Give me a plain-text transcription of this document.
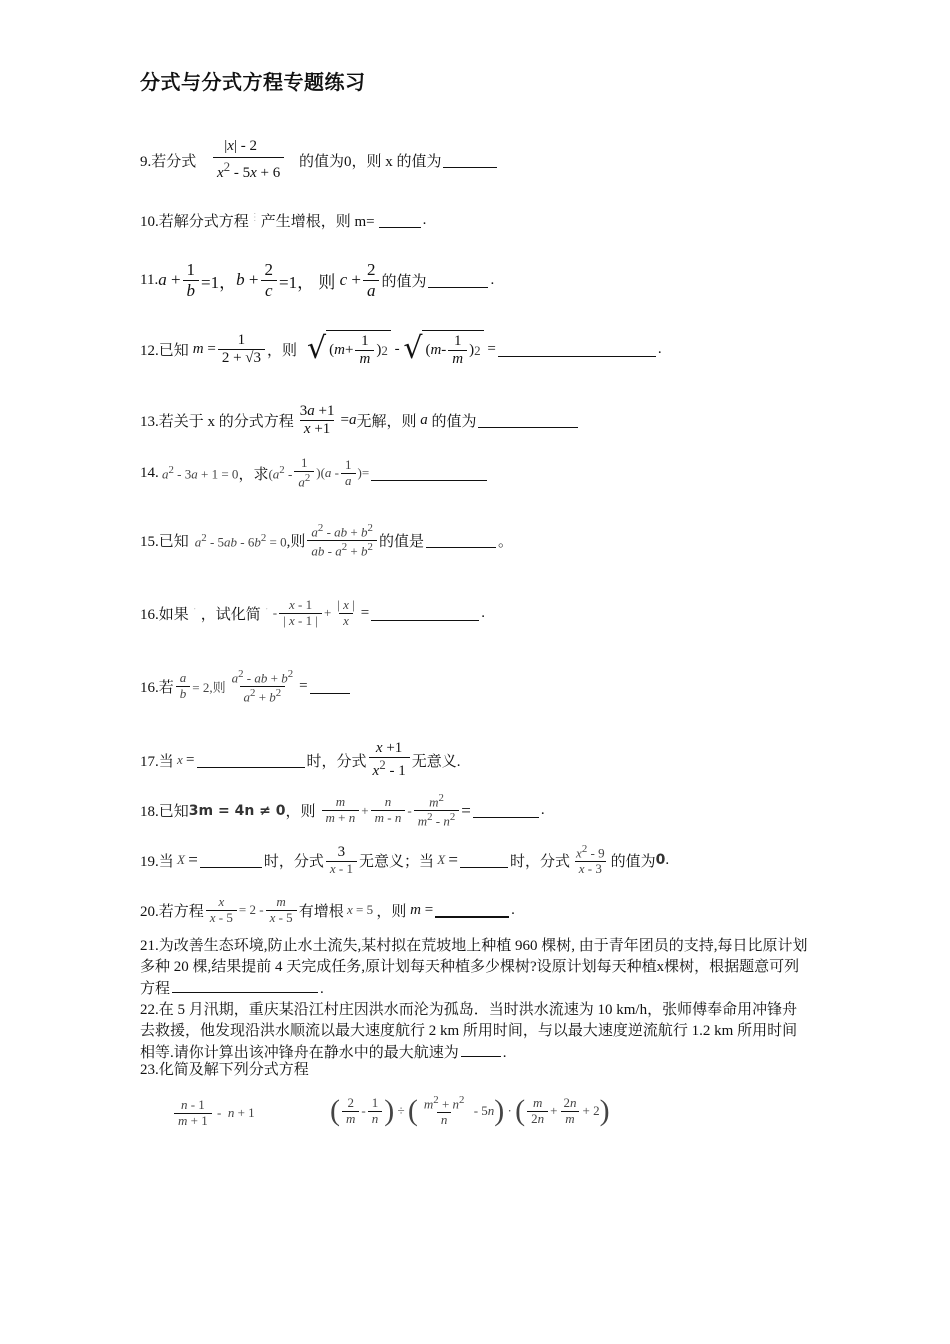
分式与分式方程专题练习
9.若分式 $\frac{|x| - 2}{x^2 - 5x + 6}$ 的值为0，则 x 的值为
10.若解分式方程 ⋮ 产生增根，则 m=	.
11. $a + \frac{1}{b} =1$， $b + \frac{2}{c} =1$， 则 $c + \frac{2}{a}$ 的值为	.
12.已知 $m = \frac{1}{2 + √3}$ ，则 √ ( $m + \frac{1}{m}$ ) 2 - √ ( m - $\frac{1}{m}$ ) 2 =	.
13.若关于 x 的分式方程 $\frac{3a +1}{x +1} =a$ 无解，则 a 的值为
14. $a^2 - 3a + 1 = 0$ ，求 $(a^2 - \frac{1}{a^2} )(a - \frac{1}{a}$ )=
15.已知 $a^2 - 5ab - 6b^2 = 0$ ,则 $\frac{a^2 - ab + b^2}{ab - a^2 + b^2}$ 的值是	。
16.如果 ∙ ，试化简 ∙ - $\frac{x - 1}{| x - 1 |} + \frac{| x |}{x}$ =	.
16.若 $\frac{a}{b} = 2$,则 $\frac{a^2 - ab + b^2}{a^2 + b^2}$ =
17.当 x =	时，分式 $\frac{x +1}{x^2 - 1}$ 无意义.
18.已知 3m = 4n ≠ 0 ，则 $\frac{m}{m + n} + \frac{n}{m - n} - \frac{m^2}{m^2 - n^2}$ =	.
19.当 X =	时，分式 $\frac{3}{x - 1}$ 无意义；当 X =	时，分式 $\frac{x^2 - 9}{x - 3}$ 的值为 0 .
20.若方程 $\frac{x}{x - 5} = 2 - \frac{m}{x - 5}$ 有增根 x = 5 ，则 m =	.
21.为改善生态环境,防止水土流失,某村拟在荒坡地上种植 960 棵树, 由于青年团员的支持,每日比原计划多种 20 棵,结果提前 4 天完成任务,原计划每天种植多少棵树?设原计划每天种植x棵树，根据题意可列方程	.
22.在 5 月汛期，重庆某沿江村庄因洪水而沦为孤岛．当时洪水流速为 10 km/h，张师傅奉命用冲锋舟去救援，他发现沿洪水顺流以最大速度航行 2 km 所用时间，与以最大速度逆流航行 1.2 km 所用时间相等.请你计算出该冲锋舟在静水中的最大航速为	.
23.化简及解下列分式方程
$\frac{n - 1}{m + 1} - n + 1$	( $\frac{2}{m} - \frac{1}{n}$ ) ÷ ( $\frac{m^2 + n^2}{n} - 5n$ ) · ( $\frac{m}{2n} + \frac{2n}{m} + 2$ )
